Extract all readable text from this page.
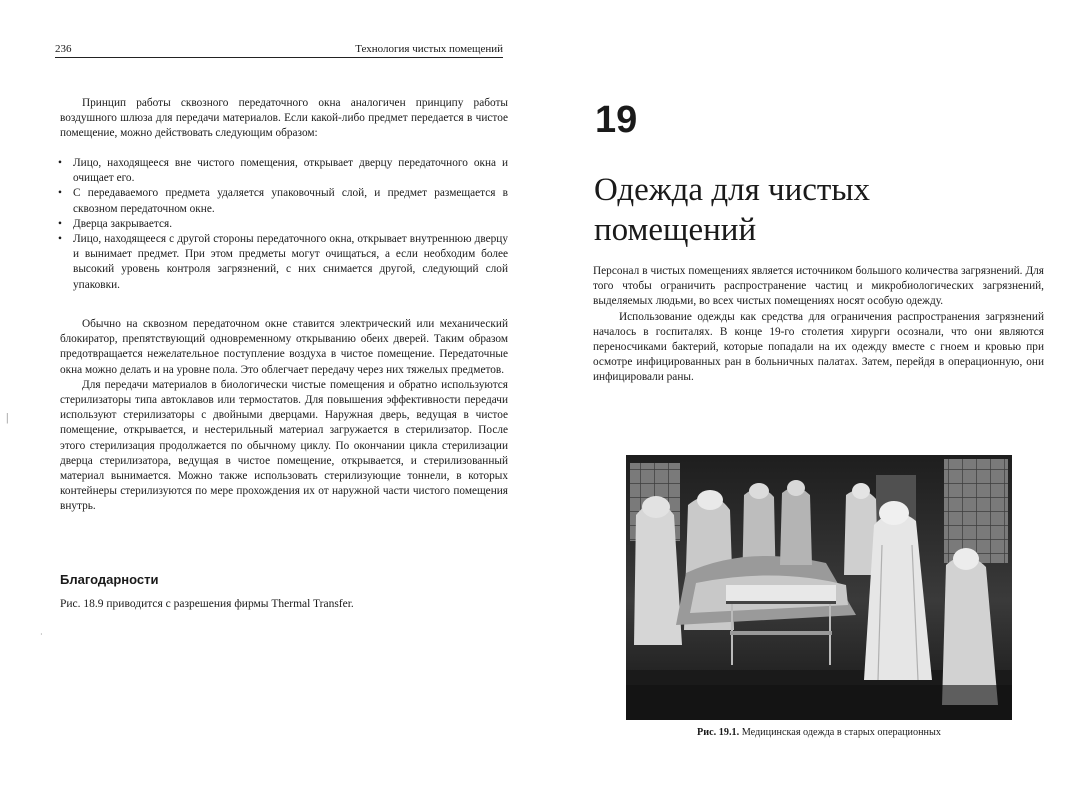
236	Технология чистых помещений

Принцип работы сквозного передаточного окна аналогичен принципу работы воздушного шлюза для передачи материалов. Если какой-либо предмет передается в чистое помещение, можно действовать следующим образом:

• Лицо, находящееся вне чистого помещения, открывает дверцу передаточного окна и очищает его.
• С передаваемого предмета удаляется упаковочный слой, и предмет размещается в сквозном передаточном окне.
• Дверца закрывается.
• Лицо, находящееся с другой стороны передаточного окна, открывает внутреннюю дверцу и вынимает предмет. При этом предметы могут очищаться, а если необходим более высокий уровень контроля загрязнений, с них снимается другой, следующий слой упаковки.

Обычно на сквозном передаточном окне ставится электрический или механический блокиратор, препятствующий одновременному открыванию обеих дверей. Таким образом предотвращается нежелательное поступление воздуха в чистое помещение. Передаточные окна можно делать и на уровне пола. Это облегчает передачу через них тяжелых предметов.

Для передачи материалов в биологически чистые помещения и обратно используются стерилизаторы типа автоклавов или термостатов. Для повышения эффективности передачи используют стерилизаторы с двойными дверцами. Наружная дверь, ведущая в чистое помещение, открывается, и нестерильный материал загружается в стерилизатор. После этого стерилизация продолжается по обычному циклу. По окончании цикла стерилизации дверца стерилизатора, ведущая в чистое помещение, открывается, и стерилизованный материал вынимается. Можно также использовать стерилизующие тоннели, в которых контейнеры стерилизуются по мере прохождения их от наружной части чистого помещения внутрь.

Благодарности
Рис. 18.9 приводится с разрешения фирмы Thermal Transfer.
|
·
19
Одежда для чистых помещений

Персонал в чистых помещениях является источником большого количества загрязнений. Для того чтобы ограничить распространение частиц и микробиологических загрязнений, выделяемых людьми, во всех чистых помещениях носят особую одежду.

Использование одежды как средства для ограничения распространения загрязнений началось в госпиталях. В конце 19-го столетия хирурги осознали, что они являются переносчиками бактерий, которые попадали на их одежду вместе с гноем и кровью при осмотре инфицированных ран в больничных палатах. Затем, перейдя в операционную, они инфицировали раны.

Рис. 19.1. Медицинская одежда в старых операционных
